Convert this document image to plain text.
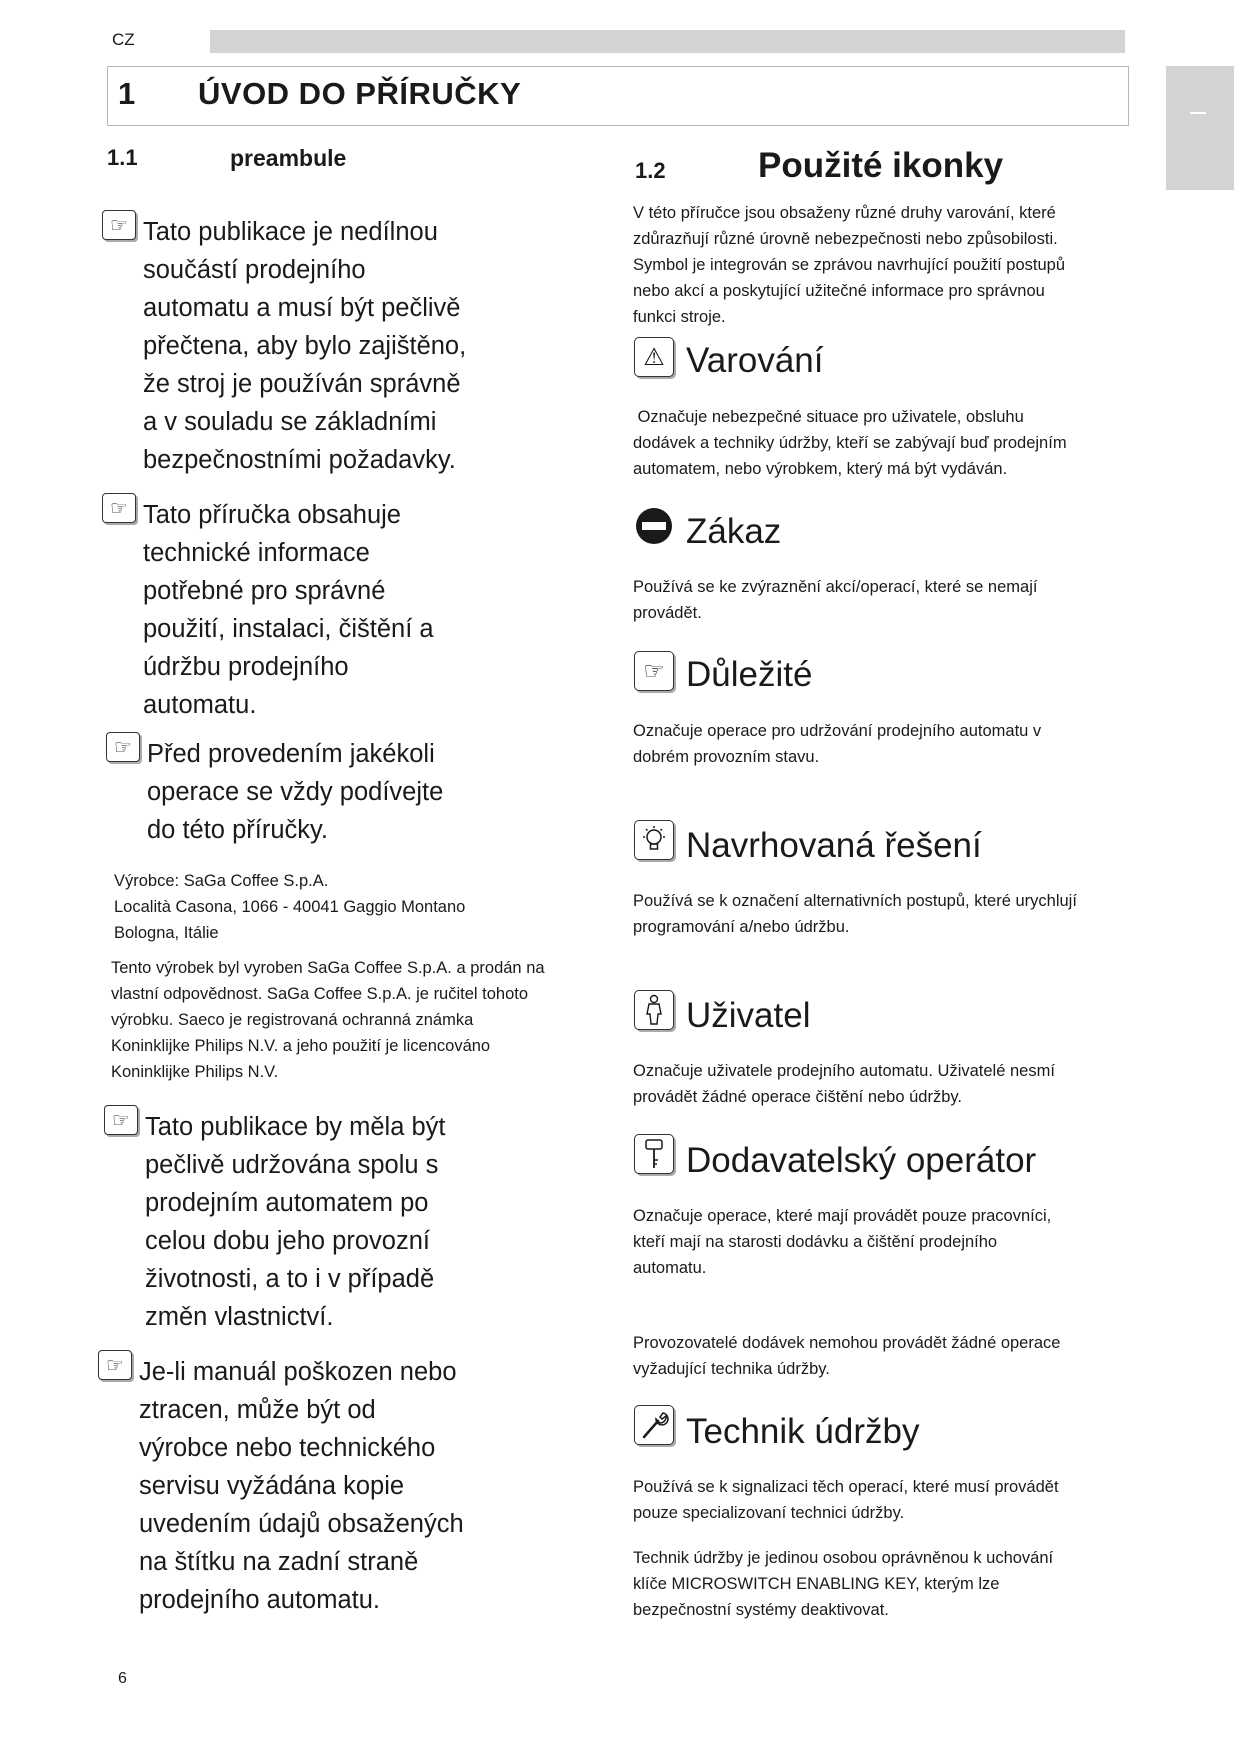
CZ
1 ÚVOD DO PŘÍRUČKY
1.1	preambule
☞ Tato publikace je nedílnou
součástí prodejního
automatu a musí být pečlivě
přečtena, aby bylo zajištěno,
že stroj je používán správně
a v souladu se základními
bezpečnostními požadavky.
☞ Tato příručka obsahuje
technické informace
potřebné pro správné
použití, instalaci, čištění a
údržbu prodejního
automatu.
☞ Před provedením jakékoli
operace se vždy podívejte
do této příručky.
Výrobce: SaGa Coffee S.p.A.
Località Casona, 1066 - 40041 Gaggio Montano
Bologna, Itálie
Tento výrobek byl vyroben SaGa Coffee S.p.A. a prodán na
vlastní odpovědnost. SaGa Coffee S.p.A. je ručitel tohoto
výrobku. Saeco je registrovaná ochranná známka
Koninklijke Philips N.V. a jeho použití je licencováno
Koninklijke Philips N.V.
☞ Tato publikace by měla být
pečlivě udržována spolu s
prodejním automatem po
celou dobu jeho provozní
životnosti, a to i v případě
změn vlastnictví.
☞ Je-li manuál poškozen nebo
ztracen, může být od
výrobce nebo technického
servisu vyžádána kopie
uvedením údajů obsažených
na štítku na zadní straně
prodejního automatu.
1.2	Použité ikonky
V této příručce jsou obsaženy různé druhy varování, které
zdůrazňují různé úrovně nebezpečnosti nebo způsobilosti.
Symbol je integrován se zprávou navrhující použití postupů
nebo akcí a poskytující užitečné informace pro správnou
funkci stroje.
⚠ Varování
Označuje nebezpečné situace pro uživatele, obsluhu
dodávek a techniky údržby, kteří se zabývají buď prodejním
automatem, nebo výrobkem, který má být vydáván.
Zákaz
Používá se ke zvýraznění akcí/operací, které se nemají
provádět.
☞ Důležité
Označuje operace pro udržování prodejního automatu v
dobrém provozním stavu.
Navrhovaná řešení
Používá se k označení alternativních postupů, které urychlují
programování a/nebo údržbu.
Uživatel
Označuje uživatele prodejního automatu. Uživatelé nesmí
provádět žádné operace čištění nebo údržby.
Dodavatelský operátor
Označuje operace, které mají provádět pouze pracovníci,
kteří mají na starosti dodávku a čištění prodejního
automatu.
Provozovatelé dodávek nemohou provádět žádné operace
vyžadující technika údržby.
Technik údržby
Používá se k signalizaci těch operací, které musí provádět
pouze specializovaní technici údržby.
Technik údržby je jedinou osobou oprávněnou k uchování
klíče MICROSWITCH ENABLING KEY, kterým lze
bezpečnostní systémy deaktivovat.
6
